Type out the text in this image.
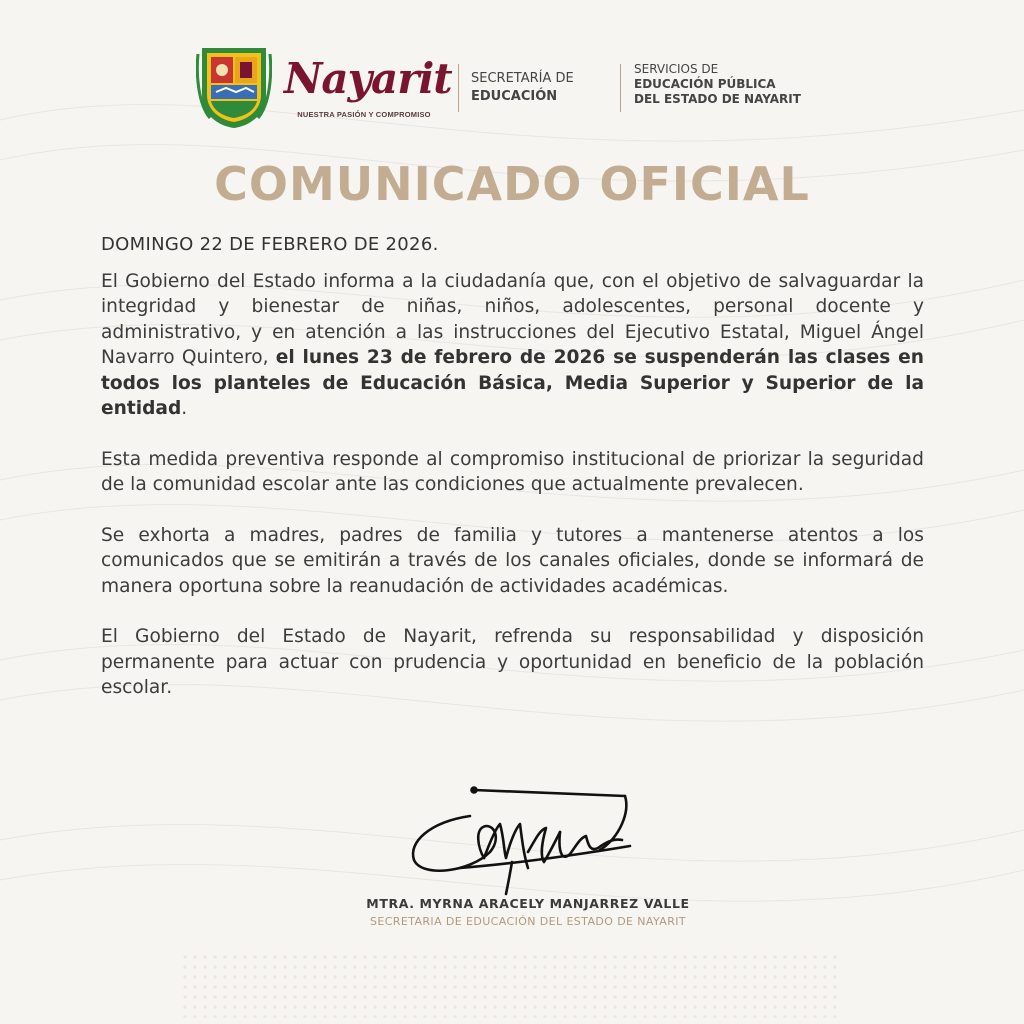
Nayarit
NUESTRA PASIÓN Y COMPROMISO
SECRETARÍA DE
EDUCACIÓN
SERVICIOS DE
EDUCACIÓN PÚBLICA
DEL ESTADO DE NAYARIT
COMUNICADO OFICIAL
DOMINGO 22 DE FEBRERO DE 2026.

El Gobierno del Estado informa a la ciudadanía que, con el objetivo de salvaguardar la integridad y bienestar de niñas, niños, adolescentes, personal docente y administrativo, y en atención a las instrucciones del Ejecutivo Estatal, Miguel Ángel Navarro Quintero, el lunes 23 de febrero de 2026 se suspenderán las clases en todos los planteles de Educación Básica, Media Superior y Superior de la entidad.

Esta medida preventiva responde al compromiso institucional de priorizar la seguridad de la comunidad escolar ante las condiciones que actualmente prevalecen.

Se exhorta a madres, padres de familia y tutores a mantenerse atentos a los comunicados que se emitirán a través de los canales oficiales, donde se informará de manera oportuna sobre la reanudación de actividades académicas.

El Gobierno del Estado de Nayarit, refrenda su responsabilidad y disposición permanente para actuar con prudencia y oportunidad en beneficio de la población escolar.

MTRA. MYRNA ARACELY MANJARREZ VALLE
SECRETARIA DE EDUCACIÓN DEL ESTADO DE NAYARIT
